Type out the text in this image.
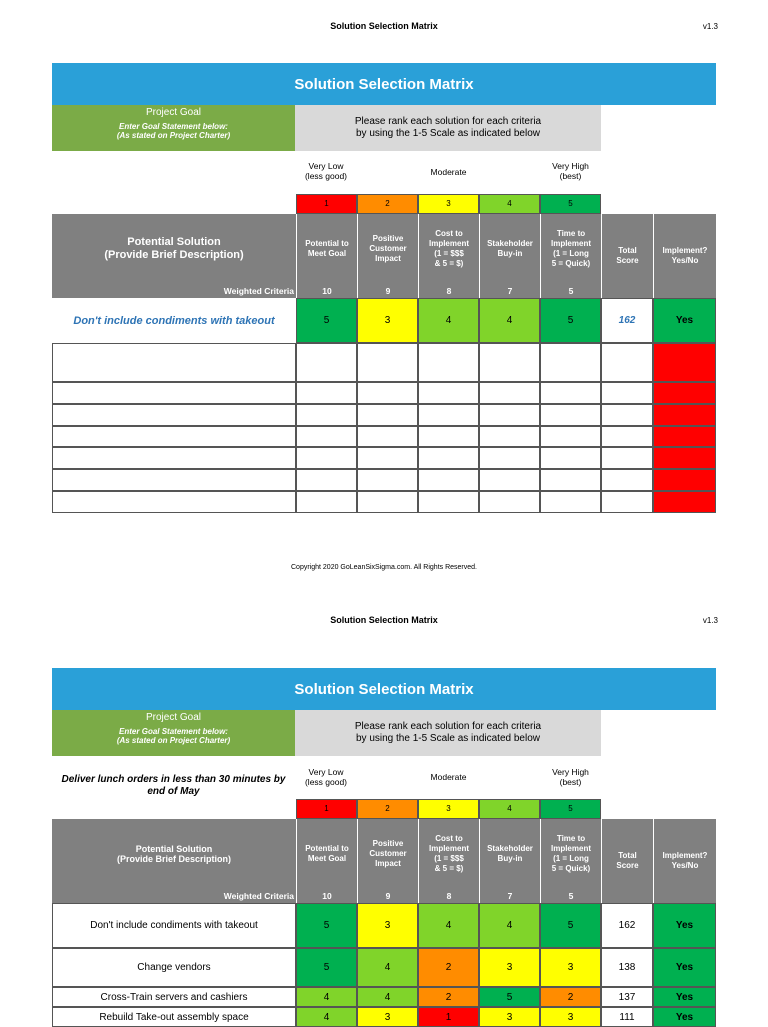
Solution Selection Matrix	v1.3
Solution Selection Matrix
Project Goal
Enter Goal Statement below:
(As stated on Project Charter)
Please rank each solution for each criteria
by using the 1-5 Scale as indicated below
Very Low
(less good)	Moderate
Very High
(best)
1	2	3	4	5
Potential Solution
(Provide Brief Description)
Potential to
Meet Goal
Positive
Customer
Impact
Cost to
Implement
(1 = $$$
& 5 = $)
Stakeholder
Buy-in
Time to
Implement
(1 = Long
5 = Quick)
Total
Score
Implement?
Yes/No
Weighted Criteria	10	9	8	7	5
Don't include condiments with takeout	5	3	4	4	5	162	Yes
Copyright 2020 GoLeanSixSigma.com. All Rights Reserved.
Solution Selection Matrix	v1.3
Solution Selection Matrix
Project Goal
Enter Goal Statement below:
(As stated on Project Charter)
Please rank each solution for each criteria
by using the 1-5 Scale as indicated below
Deliver lunch orders in less than 30 minutes by end of May
Very Low
(less good)	Moderate	Very High
(best)
1	2	3	4	5
Potential Solution
(Provide Brief Description)
Potential to
Meet Goal
Positive
Customer
Impact
Cost to
Implement
(1 = $$$
& 5 = $)
Stakeholder
Buy-in
Time to
Implement
(1 = Long
5 = Quick)
Total
Score
Implement?
Yes/No
Weighted Criteria	10	9	8	7	5
Don't include condiments with takeout	5	3	4	4	5	162	Yes
Change vendors	5	4	2	3	3	138	Yes
Cross-Train servers and cashiers	4	4	2	5	2	137	Yes
Rebuild Take-out assembly space	4	3	1	3	3	111	Yes
